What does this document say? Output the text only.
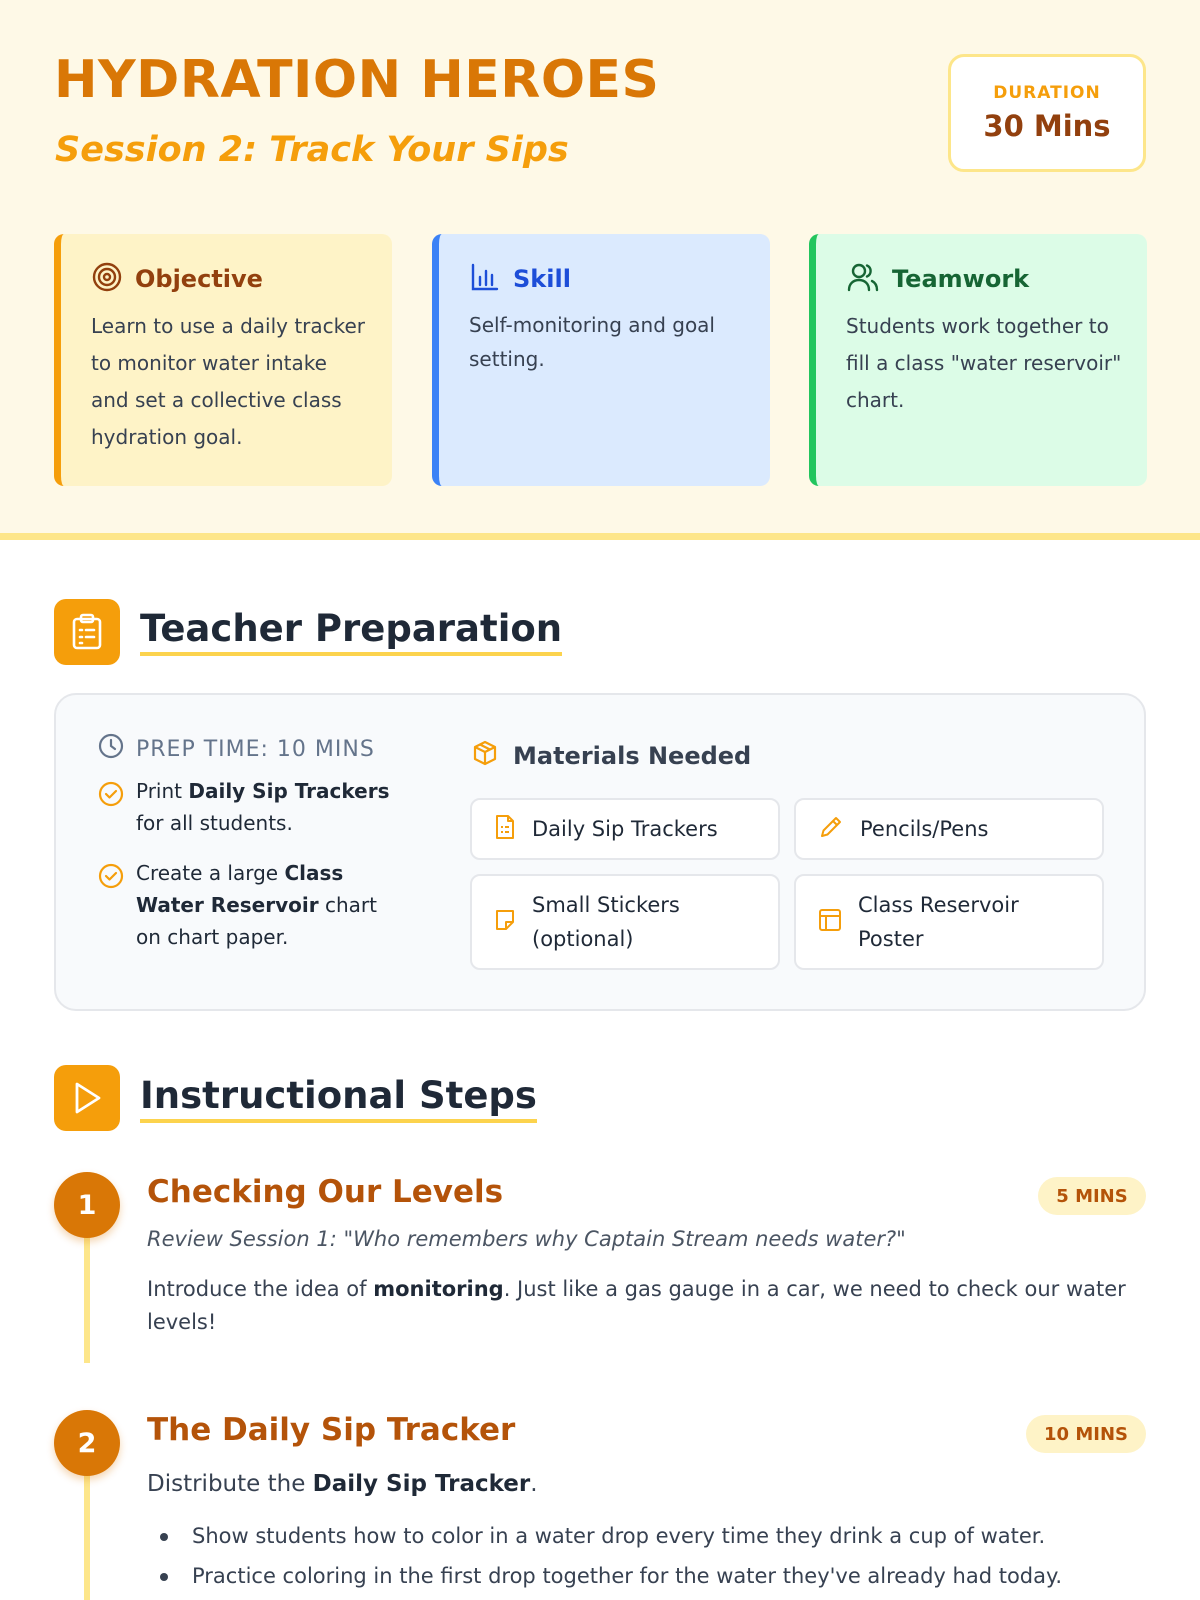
HYDRATION HEROES
Session 2: Track Your Sips
DURATION
30 Mins
Objective

Learn to use a daily tracker to monitor water intake and set a collective class hydration goal.

Skill

Self-monitoring and goal setting.

Teamwork

Students work together to fill a class "water reservoir" chart.

Teacher Preparation
PREP TIME: 10 MINS

Print Daily Sip Trackers for all students.

Create a large Class Water Reservoir chart on chart paper.

Materials Needed
Daily Sip Trackers	Pencils/Pens
Small Stickers (optional)
Class Reservoir Poster
Instructional Steps
1	Checking Our Levels	5 MINS

Review Session 1: "Who remembers why Captain Stream needs water?"

Introduce the idea of monitoring. Just like a gas gauge in a car, we need to check our water levels!

2	The Daily Sip Tracker	10 MINS

Distribute the Daily Sip Tracker.

Show students how to color in a water drop every time they drink a cup of water.
Practice coloring in the first drop together for the water they've already had today.
